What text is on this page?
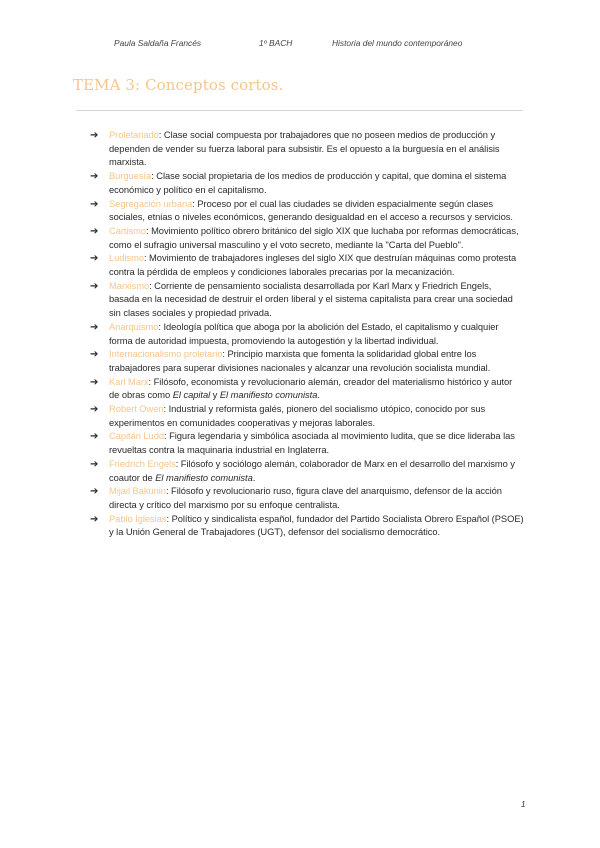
Paula Saldaña Francés	1º BACH	Historia del mundo contemporáneo
TEMA 3: Conceptos cortos.
➔ Proletariado: Clase social compuesta por trabajadores que no poseen medios de producción y dependen de vender su fuerza laboral para subsistir. Es el opuesto a la burguesía en el análisis marxista.
➔ Burguesía: Clase social propietaria de los medios de producción y capital, que domina el sistema económico y político en el capitalismo.
➔ Segregación urbana: Proceso por el cual las ciudades se dividen espacialmente según clases sociales, etnias o niveles económicos, generando desigualdad en el acceso a recursos y servicios.
➔ Cartismo: Movimiento político obrero británico del siglo XIX que luchaba por reformas democráticas, como el sufragio universal masculino y el voto secreto, mediante la "Carta del Pueblo".
➔ Ludismo: Movimiento de trabajadores ingleses del siglo XIX que destruían máquinas como protesta contra la pérdida de empleos y condiciones laborales precarias por la mecanización.
➔ Marxismo: Corriente de pensamiento socialista desarrollada por Karl Marx y Friedrich Engels, basada en la necesidad de destruir el orden liberal y el sistema capitalista para crear una sociedad sin clases sociales y propiedad privada.
➔ Anarquismo: Ideología política que aboga por la abolición del Estado, el capitalismo y cualquier forma de autoridad impuesta, promoviendo la autogestión y la libertad individual.
➔ Internacionalismo proletario: Principio marxista que fomenta la solidaridad global entre los trabajadores para superar divisiones nacionales y alcanzar una revolución socialista mundial.
➔ Karl Marx: Filósofo, economista y revolucionario alemán, creador del materialismo histórico y autor de obras como El capital y El manifiesto comunista.
➔ Robert Owen: Industrial y reformista galés, pionero del socialismo utópico, conocido por sus experimentos en comunidades cooperativas y mejoras laborales.
➔ Capitán Ludd: Figura legendaria y simbólica asociada al movimiento ludita, que se dice lideraba las revueltas contra la maquinaria industrial en Inglaterra.
➔ Friedrich Engels: Filósofo y sociólogo alemán, colaborador de Marx en el desarrollo del marxismo y coautor de El manifiesto comunista.
➔ Mijail Bakunin: Filósofo y revolucionario ruso, figura clave del anarquismo, defensor de la acción directa y crítico del marxismo por su enfoque centralista.
➔ Pablo Iglesias: Político y sindicalista español, fundador del Partido Socialista Obrero Español (PSOE) y la Unión General de Trabajadores (UGT), defensor del socialismo democrático.
1
